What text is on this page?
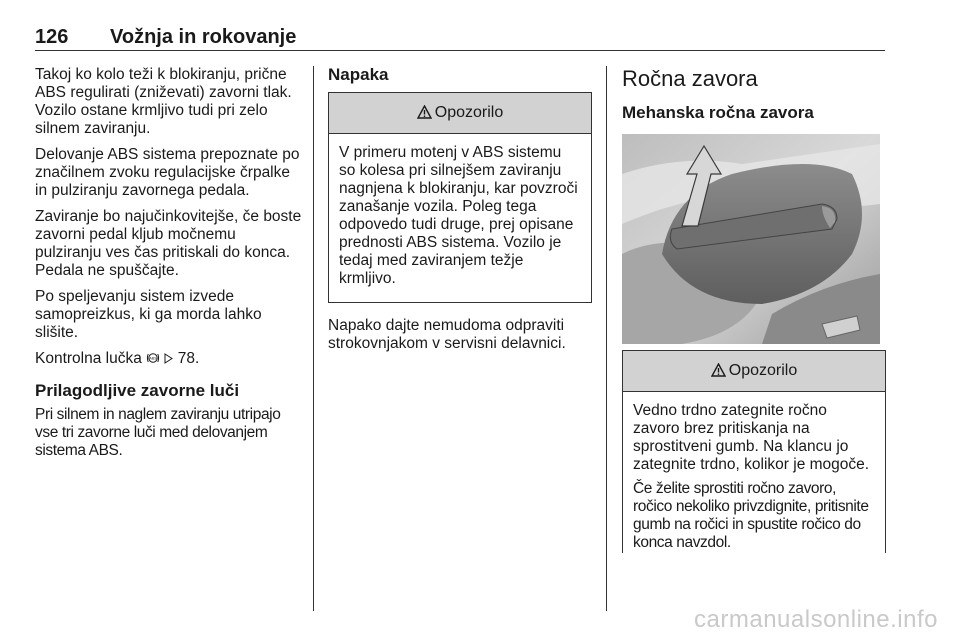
126 Vožnja in rokovanje

Takoj ko kolo teži k blokiranju, prične ABS regulirati (zniževati) zavorni tlak. Vozilo ostane krmljivo tudi pri zelo silnem zaviranju.

Delovanje ABS sistema prepoznate po značilnem zvoku regulacijske črpalke in pulziranju zavornega pedala.

Zaviranje bo najučinkovitejše, če boste zavorni pedal kljub močnemu pulziranju ves čas pritiskali do konca. Pedala ne spuščajte.

Po speljevanju sistem izvede samopreizkus, ki ga morda lahko slišite.

Kontrolna lučka ABS 78.

Prilagodljive zavorne luči

Pri silnem in naglem zaviranju utripajo vse tri zavorne luči med delovanjem sistema ABS.

Napaka
Opozorilo

V primeru motenj v ABS sistemu so kolesa pri silnejšem zaviranju nagnjena k blokiranju, kar povzroči zanašanje vozila. Poleg tega odpovedo tudi druge, prej opisane prednosti ABS sistema. Vozilo je tedaj med zaviranjem težje krmljivo.

Napako dajte nemudoma odpraviti strokovnjakom v servisni delavnici.

Ročna zavora
Mehanska ročna zavora
Opozorilo

Vedno trdno zategnite ročno zavoro brez pritiskanja na sprostitveni gumb. Na klancu jo zategnite trdno, kolikor je mogoče.

Če želite sprostiti ročno zavoro, ročico nekoliko privzdignite, pritisnite gumb na ročici in spustite ročico do konca navzdol.

carmanualsonline.info
